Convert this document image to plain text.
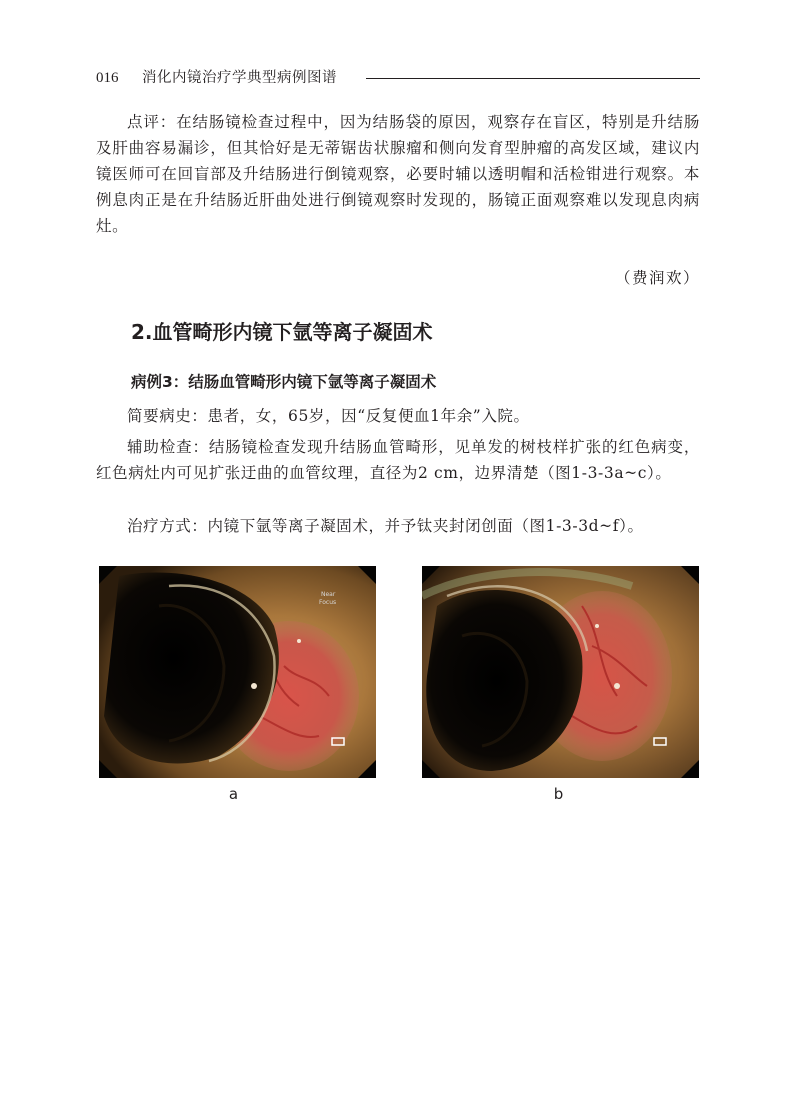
016 消化内镜治疗学典型病例图谱

点评：在结肠镜检查过程中，因为结肠袋的原因，观察存在盲区，特别是升结肠及肝曲容易漏诊，但其恰好是无蒂锯齿状腺瘤和侧向发育型肿瘤的高发区域，建议内镜医师可在回盲部及升结肠进行倒镜观察，必要时辅以透明帽和活检钳进行观察。本例息肉正是在升结肠近肝曲处进行倒镜观察时发现的，肠镜正面观察难以发现息肉病灶。

（费润欢）
2.血管畸形内镜下氩等离子凝固术
病例3：结肠血管畸形内镜下氩等离子凝固术

简要病史：患者，女，65岁，因“反复便血1年余”入院。

辅助检查：结肠镜检查发现升结肠血管畸形，见单发的树枝样扩张的红色病变，红色病灶内可见扩张迂曲的血管纹理，直径为2 cm，边界清楚（图1-3-3a~c）。

治疗方式：内镜下氩等离子凝固术，并予钛夹封闭创面（图1-3-3d~f）。

Near
Focus
a	b
